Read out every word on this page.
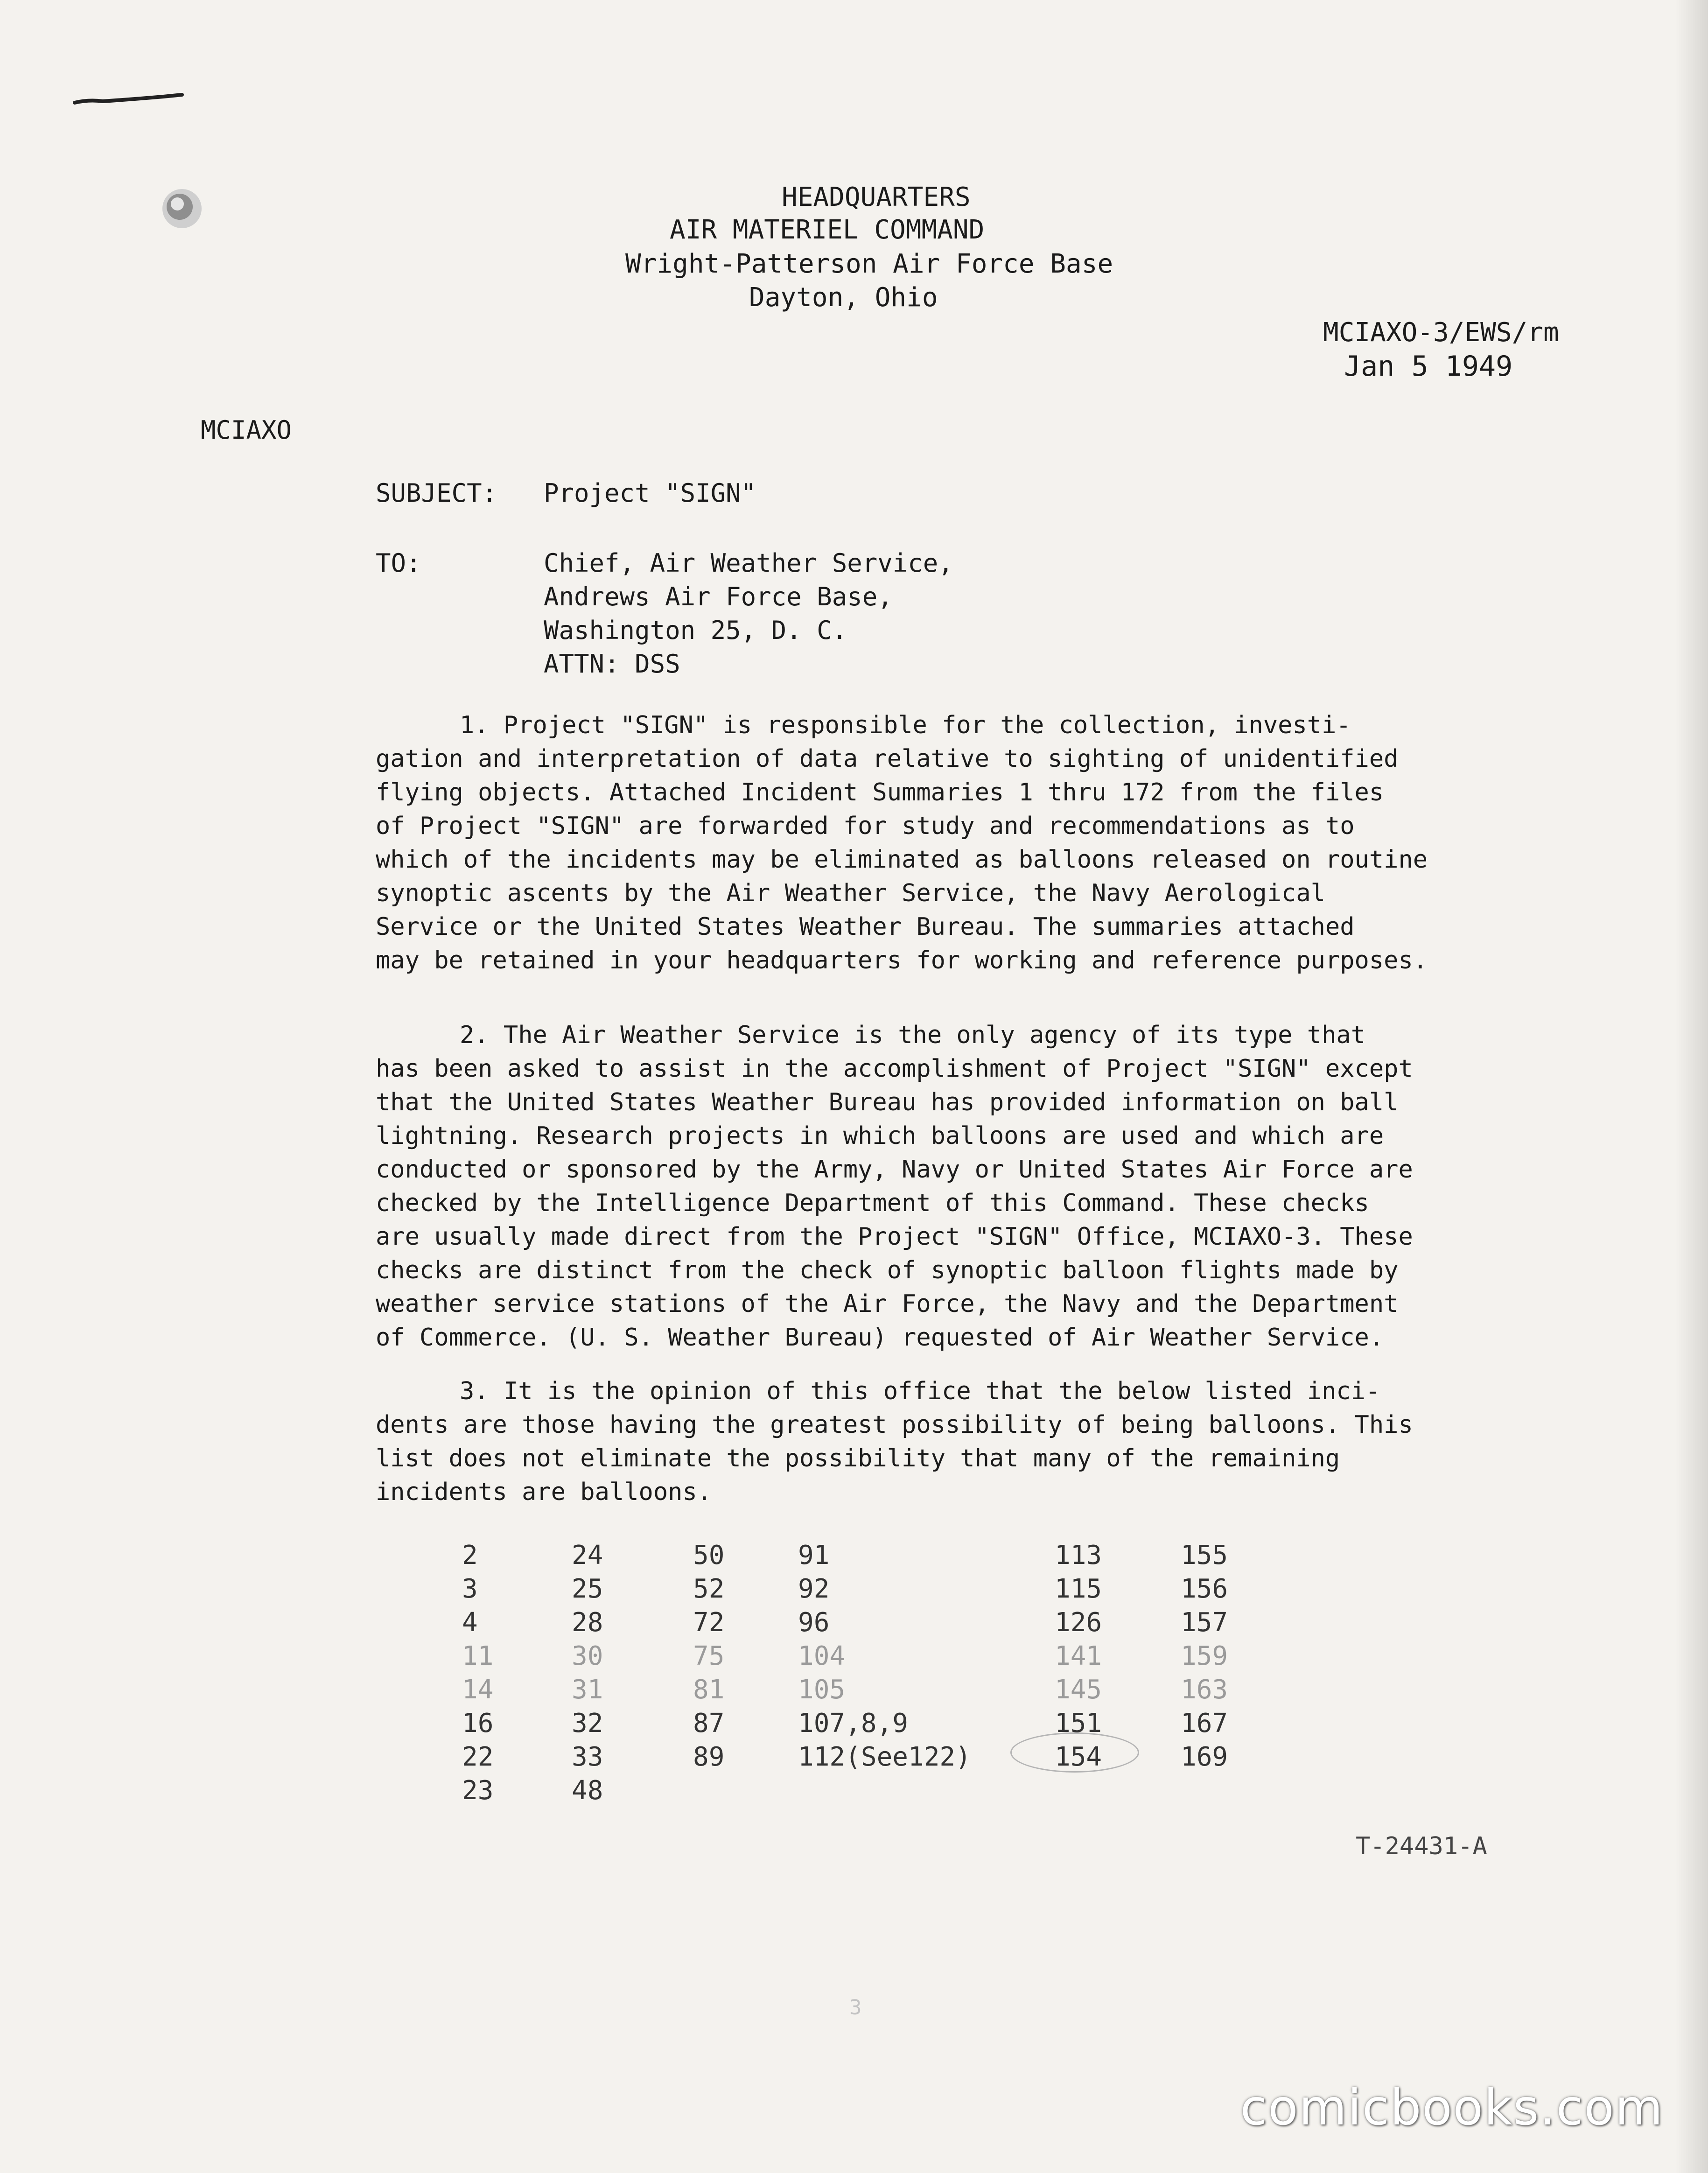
HEADQUARTERS
AIR MATERIEL COMMAND
Wright-Patterson Air Force Base
Dayton, Ohio
MCIAXO-3/EWS/rm
Jan 5 1949
MCIAXO
SUBJECT: Project "SIGN"
TO:	Chief, Air Weather Service,
Andrews Air Force Base,
Washington 25, D. C.
ATTN: DSS
1. Project "SIGN" is responsible for the collection, investi-
gation and interpretation of data relative to sighting of unidentified
flying objects. Attached Incident Summaries 1 thru 172 from the files
of Project "SIGN" are forwarded for study and recommendations as to
which of the incidents may be eliminated as balloons released on routine
synoptic ascents by the Air Weather Service, the Navy Aerological
Service or the United States Weather Bureau. The summaries attached
may be retained in your headquarters for working and reference purposes.
2. The Air Weather Service is the only agency of its type that
has been asked to assist in the accomplishment of Project "SIGN" except
that the United States Weather Bureau has provided information on ball
lightning. Research projects in which balloons are used and which are
conducted or sponsored by the Army, Navy or United States Air Force are
checked by the Intelligence Department of this Command. These checks
are usually made direct from the Project "SIGN" Office, MCIAXO-3. These
checks are distinct from the check of synoptic balloon flights made by
weather service stations of the Air Force, the Navy and the Department
of Commerce. (U. S. Weather Bureau) requested of Air Weather Service.
3. It is the opinion of this office that the below listed inci-
dents are those having the greatest possibility of being balloons. This
list does not eliminate the possibility that many of the remaining
incidents are balloons.
2
3
4
11
14
16
22
23
24
25
28
30
31
32
33
48
50
52
72
75
81
87
89
91
92
96
104
105
107,8,9
112(See122)
113
115
126
141
145
151
154
155
156
157
159
163
167
169
T-24431-A
3
comicbooks.com
